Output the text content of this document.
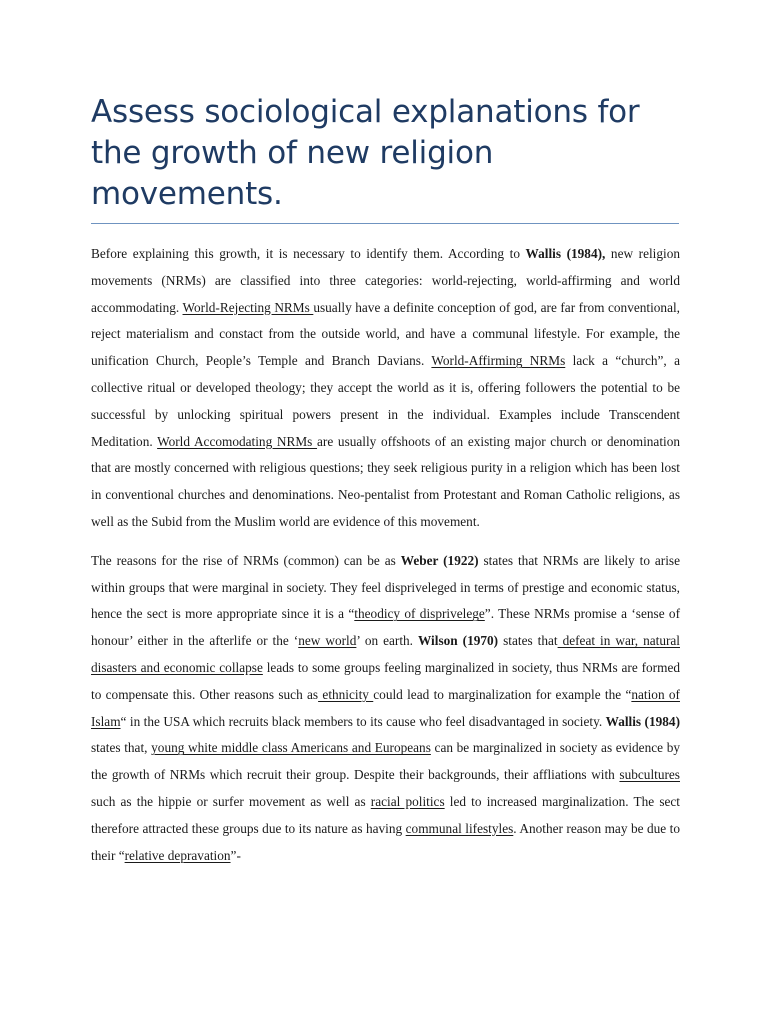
Assess sociological explanations for the growth of new religion movements.

Before explaining this growth, it is necessary to identify them. According to Wallis (1984), new religion movements (NRMs) are classified into three categories: world-rejecting, world-affirming and world accommodating. World-Rejecting NRMs usually have a definite conception of god, are far from conventional, reject materialism and constact from the outside world, and have a communal lifestyle. For example, the unification Church, People’s Temple and Branch Davians. World-Affirming NRMs lack a “church”, a collective ritual or developed theology; they accept the world as it is, offering followers the potential to be successful by unlocking spiritual powers present in the individual. Examples include Transcendent Meditation. World Accomodating NRMs are usually offshoots of an existing major church or denomination that are mostly concerned with religious questions; they seek religious purity in a religion which has been lost in conventional churches and denominations. Neo-pentalist from Protestant and Roman Catholic religions, as well as the Subid from the Muslim world are evidence of this movement.

The reasons for the rise of NRMs (common) can be as Weber (1922) states that NRMs are likely to arise within groups that were marginal in society. They feel dispriveleged in terms of prestige and economic status, hence the sect is more appropriate since it is a “theodicy of disprivelege”. These NRMs promise a ‘sense of honour’ either in the afterlife or the ‘new world’ on earth. Wilson (1970) states that defeat in war, natural disasters and economic collapse leads to some groups feeling marginalized in society, thus NRMs are formed to compensate this. Other reasons such as ethnicity could lead to marginalization for example the “nation of Islam“ in the USA which recruits black members to its cause who feel disadvantaged in society. Wallis (1984) states that, young white middle class Americans and Europeans can be marginalized in society as evidence by the growth of NRMs which recruit their group. Despite their backgrounds, their affliations with subcultures such as the hippie or surfer movement as well as racial politics led to increased marginalization. The sect therefore attracted these groups due to its nature as having communal lifestyles. Another reason may be due to their “relative depravation”-
